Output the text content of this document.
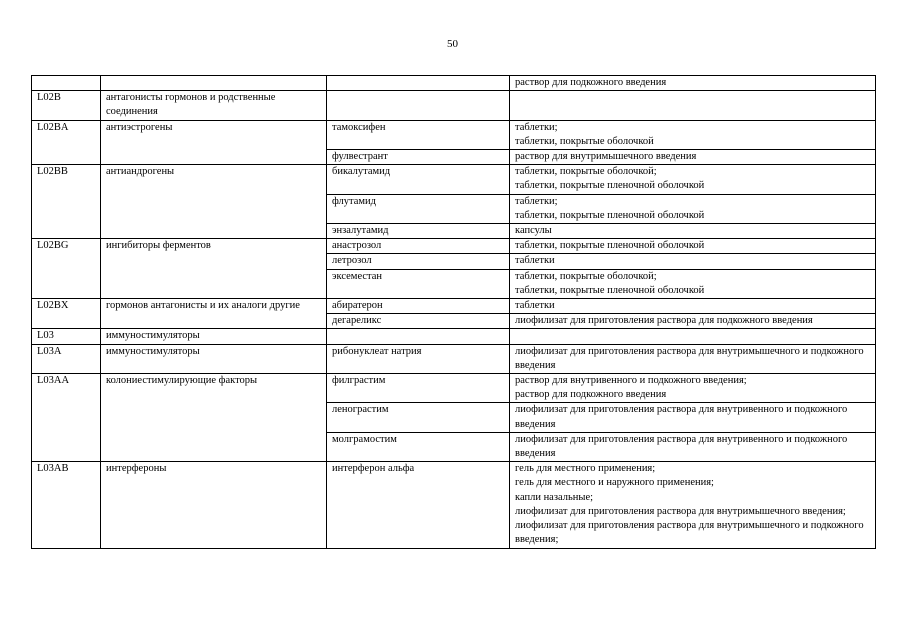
50

			раствор для подкожного введения

L02B	антагонисты гормонов и родственные соединения		

L02BA	антиэстрогены	тамоксифен	таблетки;
таблетки, покрытые оболочкой

		фулвестрант	раствор для внутримышечного введения

L02BB	антиандрогены	бикалутамид	таблетки, покрытые оболочкой;
таблетки, покрытые пленочной оболочкой

		флутамид	таблетки;
таблетки, покрытые пленочной оболочкой

		энзалутамид	капсулы

L02BG	ингибиторы ферментов	анастрозол	таблетки, покрытые пленочной оболочкой

		летрозол	таблетки

		эксеместан	таблетки, покрытые оболочкой;
таблетки, покрытые пленочной оболочкой

L02BX	гормонов антагонисты и их аналоги другие	абиратерон	таблетки

		дегареликс	лиофилизат для приготовления раствора для подкожного введения

L03	иммуностимуляторы		

L03A	иммуностимуляторы	рибонуклеат натрия	лиофилизат для приготовления раствора для внутримышечного и подкожного введения

L03AA	колониестимулирующие факторы	филграстим	раствор для внутривенного и подкожного введения;
раствор для подкожного введения

		ленограстим	лиофилизат для приготовления раствора для внутривенного и подкожного введения

		молграмостим	лиофилизат для приготовления раствора для внутривенного и подкожного введения

L03AB	интерфероны	интерферон альфа	гель для местного применения;
гель для местного и наружного применения;
капли назальные;
лиофилизат для приготовления раствора для внутримышечного введения;
лиофилизат для приготовления раствора для внутримышечного и подкожного введения;
